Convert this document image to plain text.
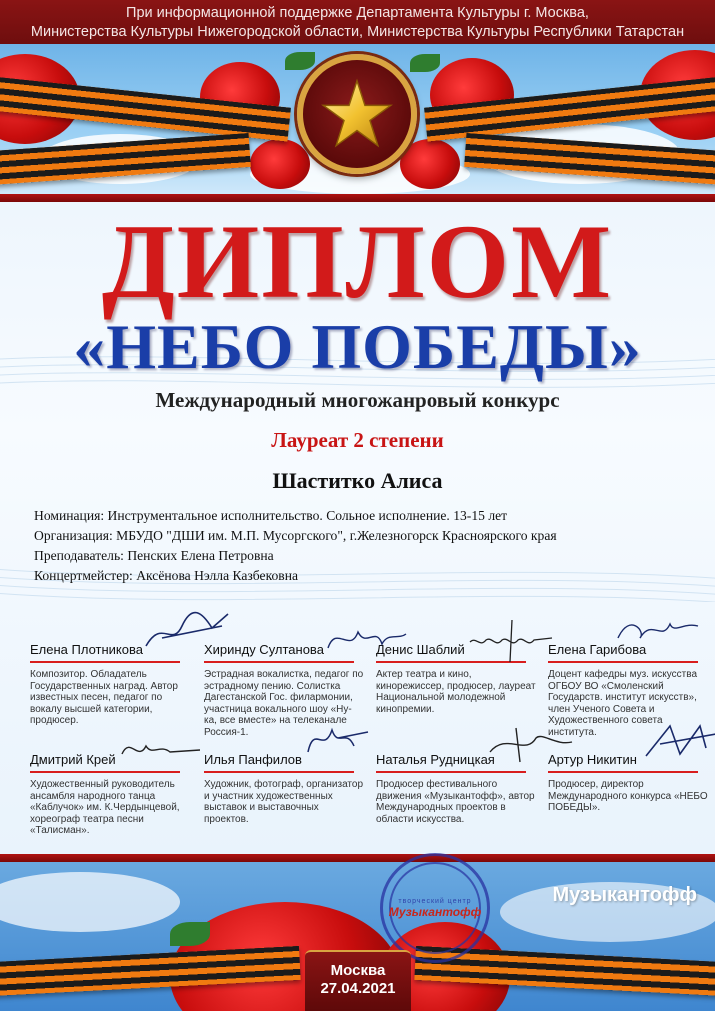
При информационной поддержке Департамента Культуры г. Москва,
Министерства Культуры Нижегородской области, Министерства Культуры Республики Татарстан
ДИПЛОМ
«НЕБО ПОБЕДЫ»
Международный многожанровый конкурс
Лауреат 2 степени
Шаститко Алиса
Номинация: Инструментальное исполнительство. Сольное исполнение. 13-15 лет
Организация: МБУДО "ДШИ им. М.П. Мусоргского", г.Железногорск Красноярского края
Преподаватель: Пенских Елена Петровна
Концертмейстер: Аксёнова Нэлла Казбековна
Елена Плотникова
Композитор. Обладатель Государственных наград. Автор известных песен, педагог по вокалу высшей категории, продюсер.
Хиринду Султанова
Эстрадная вокалистка, педагог по эстрадному пению. Солистка Дагестанской Гос. филармонии, участница вокального шоу «Ну-ка, все вместе» на телеканале Россия-1.
Денис Шаблий
Актер театра и кино, кинорежиссер, продюсер, лауреат Национальной молодежной кинопремии.
Елена Гарибова
Доцент кафедры муз. искусства ОГБОУ ВО «Смоленский Государств. институт искусств», член Ученого Совета и Художественного совета института.
Дмитрий Крей
Художественный руководитель ансамбля народного танца «Каблучок» им. К.Чердынцевой, хореограф театра песни «Талисман».
Илья Панфилов
Художник, фотограф, организатор и участник художественных выставок и выставочных проектов.
Наталья Рудницкая
Продюсер фестивального движения «Музыкантофф», автор Международных проектов в области искусства.
Артур Никитин
Продюсер, директор Международного конкурса «НЕБО ПОБЕДЫ».
творческий центр
Музыкантофф
Музыкантофф
Москва
27.04.2021
